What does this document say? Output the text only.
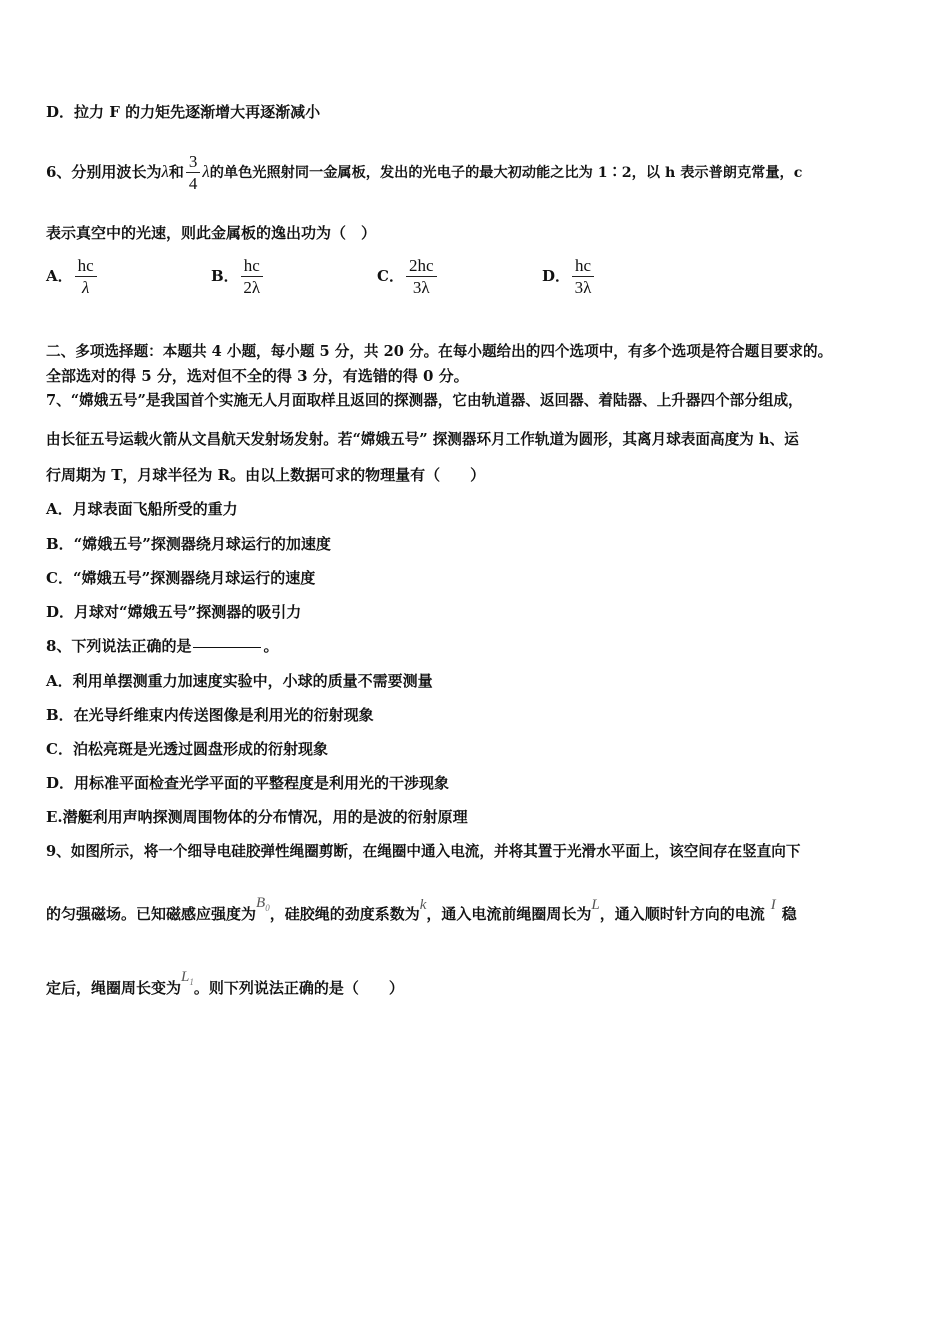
D．拉力 F 的力矩先逐渐增大再逐渐减小
6、分别用波长为λ和 $\frac{3}{4}$ λ的单色光照射同一金属板，发出的光电子的最大初动能之比为 1∶2，以 h 表示普朗克常量，c
表示真空中的光速，则此金属板的逸出功为（　）
A． $\frac{hc}{\lambda}$	B． $\frac{hc}{2\lambda}$	C． $\frac{2hc}{3\lambda}$	D． $\frac{hc}{3\lambda}$
二、多项选择题：本题共 4 小题，每小题 5 分，共 20 分。在每小题给出的四个选项中，有多个选项是符合题目要求的。
全部选对的得 5 分，选对但不全的得 3 分，有选错的得 0 分。
7、“嫦娥五号”是我国首个实施无人月面取样且返回的探测器，它由轨道器、返回器、着陆器、上升器四个部分组成，
由长征五号运载火箭从文昌航天发射场发射。若“嫦娥五号” 探测器环月工作轨道为圆形，其离月球表面高度为 h、运
行周期为 T，月球半径为 R。由以上数据可求的物理量有（　　）
A．月球表面飞船所受的重力
B．“嫦娥五号”探测器绕月球运行的加速度
C．“嫦娥五号”探测器绕月球运行的速度
D．月球对“嫦娥五号”探测器的吸引力
8、下列说法正确的是	。
A．利用单摆测重力加速度实验中，小球的质量不需要测量
B．在光导纤维束内传送图像是利用光的衍射现象
C．泊松亮斑是光透过圆盘形成的衍射现象
D．用标准平面检查光学平面的平整程度是利用光的干涉现象
E.潜艇利用声呐探测周围物体的分布情况，用的是波的衍射原理
9、如图所示，将一个细导电硅胶弹性绳圈剪断，在绳圈中通入电流，并将其置于光滑水平面上，该空间存在竖直向下
的匀强磁场。已知磁感应强度为$B_0$，硅胶绳的劲度系数为k，通入电流前绳圈周长为L，通入顺时针方向的电流 I 稳
定后，绳圈周长变为$L_1$。则下列说法正确的是（　　）
